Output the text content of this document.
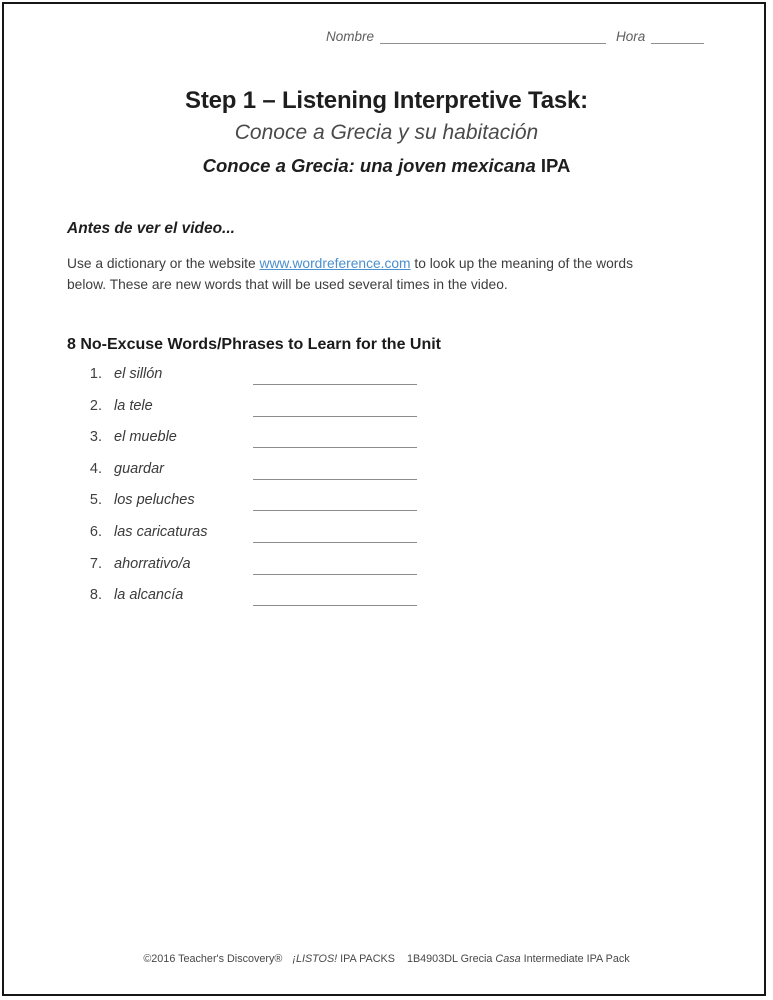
Nombre	Hora
Step 1 – Listening Interpretive Task:
Conoce a Grecia y su habitación
Conoce a Grecia: una joven mexicana IPA
Antes de ver el video...
Use a dictionary or the website www.wordreference.com to look up the meaning of the words
below. These are new words that will be used several times in the video.
8 No-Excuse Words/Phrases to Learn for the Unit
1. el sillón
2. la tele
3. el mueble
4. guardar
5. los peluches
6. las caricaturas
7. ahorrativo/a
8. la alcancía
©2016 Teacher's Discovery® ¡LISTOS! IPA PACKS 1B4903DL Grecia Casa Intermediate IPA Pack
